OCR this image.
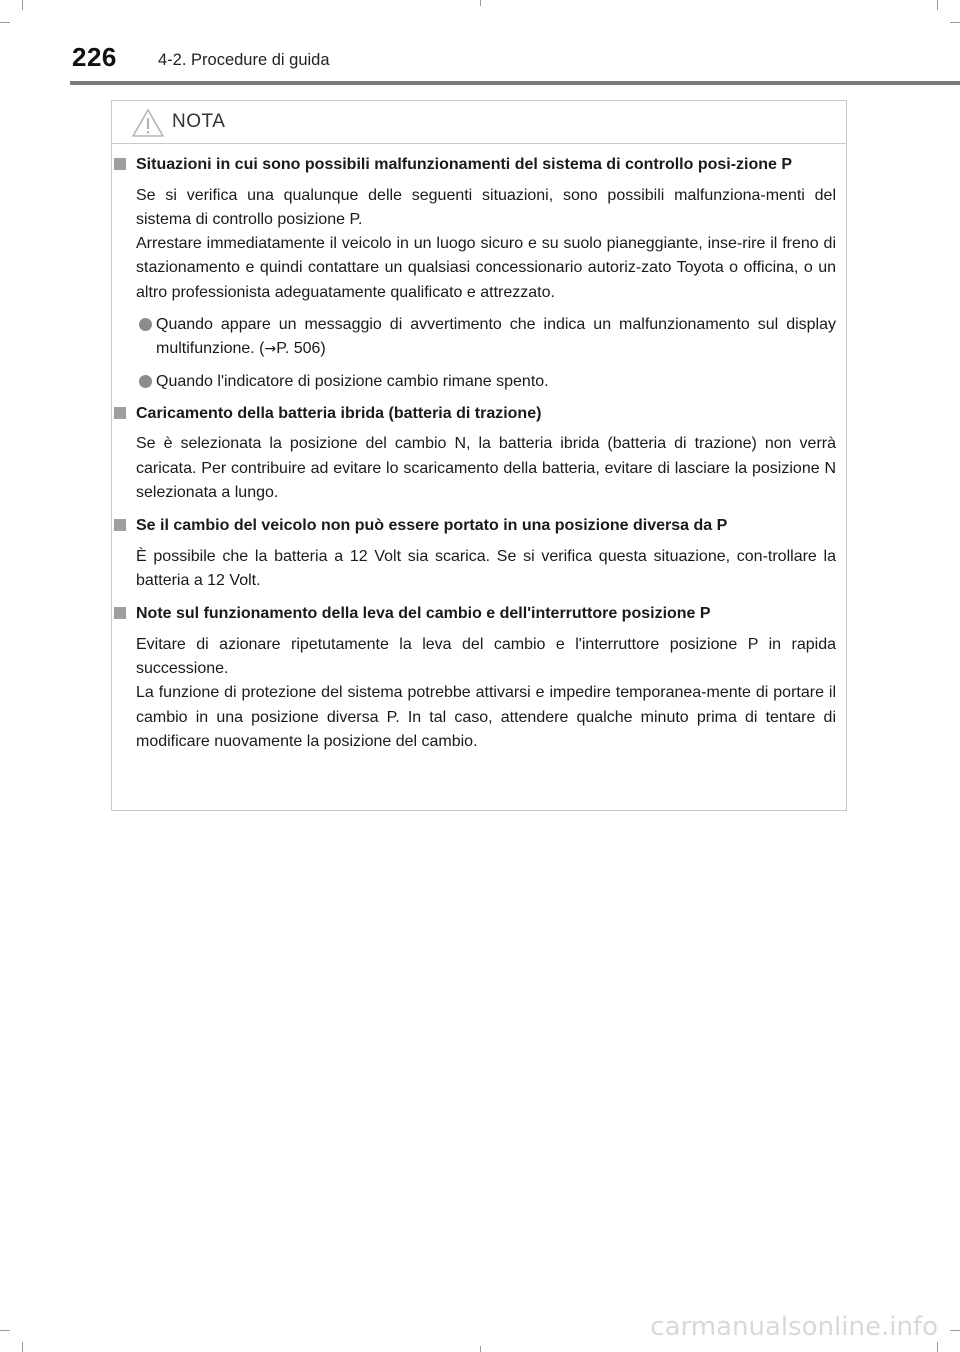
226 4-2. Procedure di guida
NOTA
Situazioni in cui sono possibili malfunzionamenti del sistema di controllo posi-zione P

Se si verifica una qualunque delle seguenti situazioni, sono possibili malfunziona-menti del sistema di controllo posizione P.

Arrestare immediatamente il veicolo in un luogo sicuro e su suolo pianeggiante, inse-rire il freno di stazionamento e quindi contattare un qualsiasi concessionario autoriz-zato Toyota o officina, o un altro professionista adeguatamente qualificato e attrezzato.

Quando appare un messaggio di avvertimento che indica un malfunzionamento sul display multifunzione. (→P. 506)
Quando l'indicatore di posizione cambio rimane spento.
Caricamento della batteria ibrida (batteria di trazione)

Se è selezionata la posizione del cambio N, la batteria ibrida (batteria di trazione) non verrà caricata. Per contribuire ad evitare lo scaricamento della batteria, evitare di lasciare la posizione N selezionata a lungo.

Se il cambio del veicolo non può essere portato in una posizione diversa da P

È possibile che la batteria a 12 Volt sia scarica. Se si verifica questa situazione, con-trollare la batteria a 12 Volt.

Note sul funzionamento della leva del cambio e dell'interruttore posizione P

Evitare di azionare ripetutamente la leva del cambio e l'interruttore posizione P in rapida successione.

La funzione di protezione del sistema potrebbe attivarsi e impedire temporanea-mente di portare il cambio in una posizione diversa P. In tal caso, attendere qualche minuto prima di tentare di modificare nuovamente la posizione del cambio.

carmanualsonline.info
